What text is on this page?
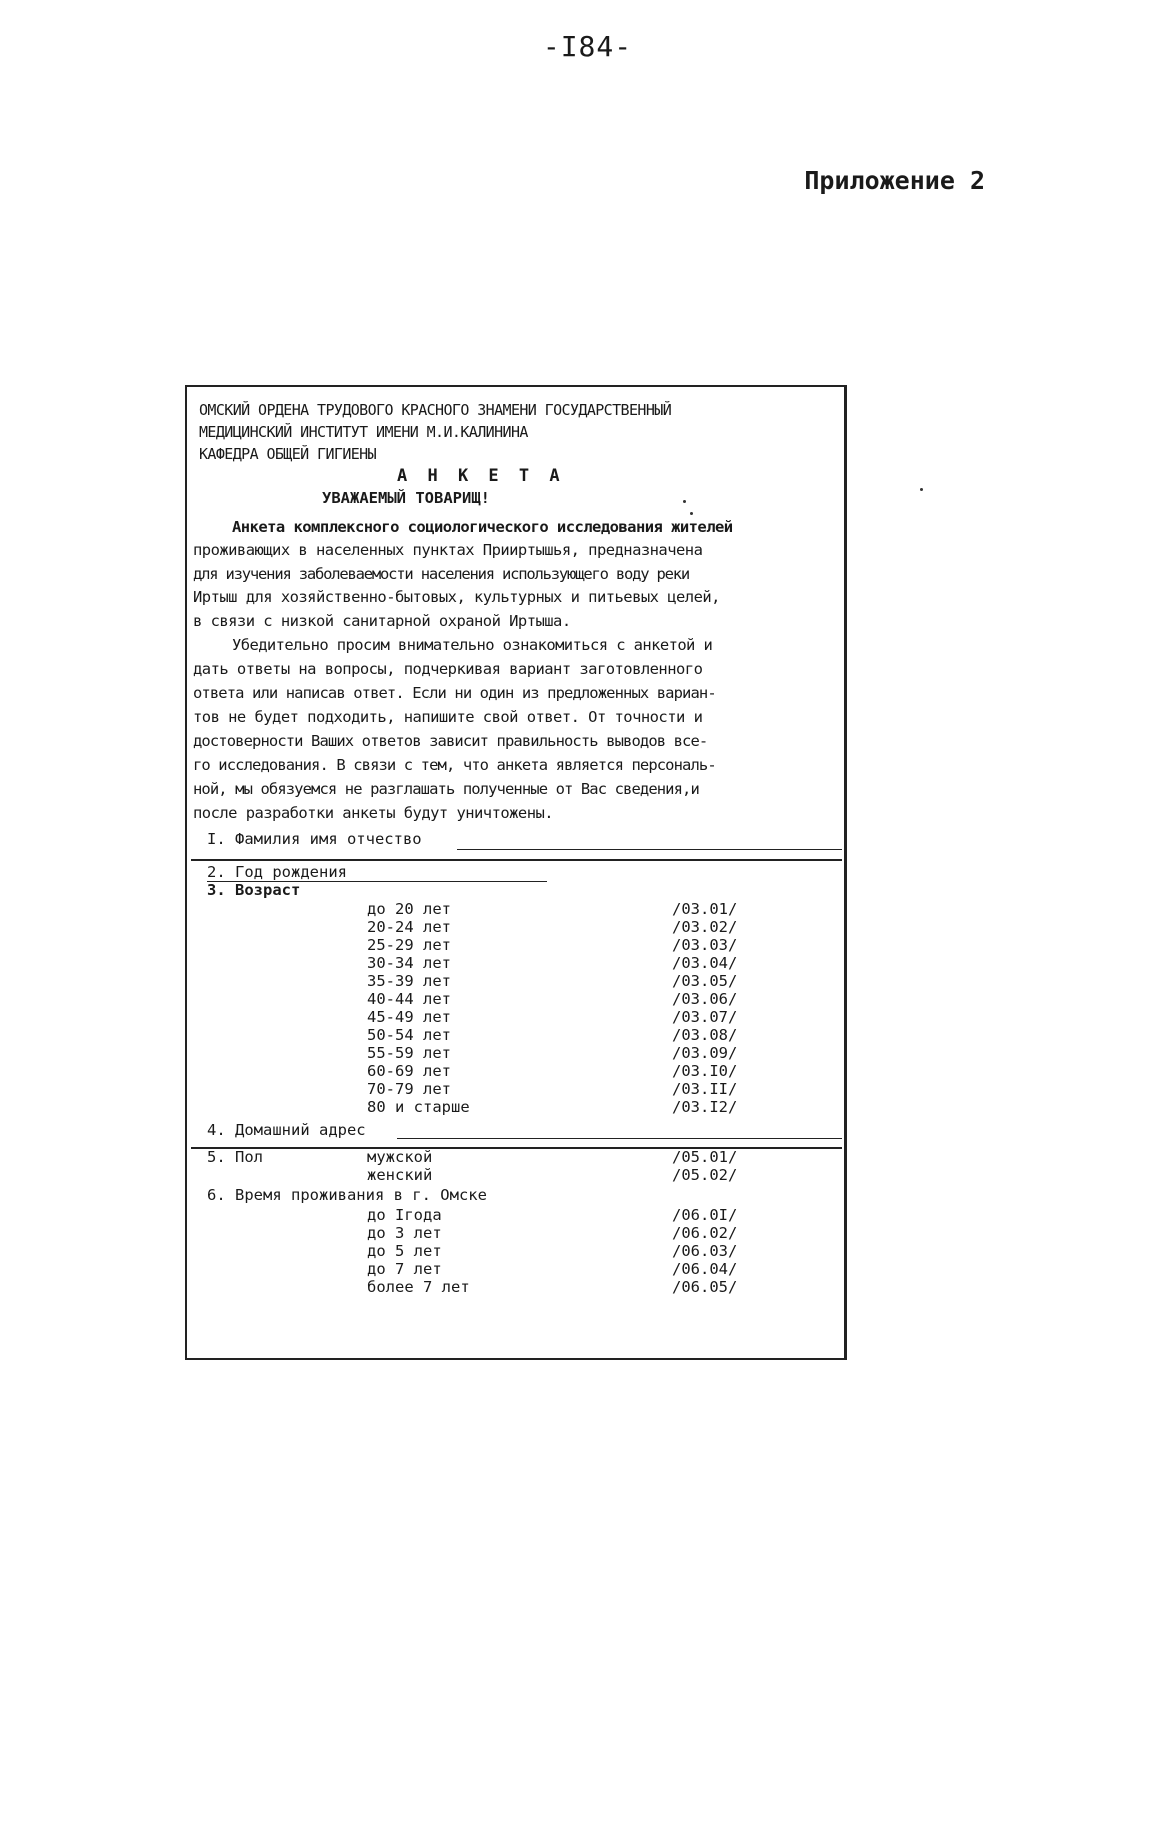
-I84-
Приложение 2
ОМСКИЙ ОРДЕНА ТРУДОВОГО КРАСНОГО ЗНАМЕНИ ГОСУДАРСТВЕННЫЙ
МЕДИЦИНСКИЙ ИНСТИТУТ ИМЕНИ М.И.КАЛИНИНА
КАФЕДРА ОБЩЕЙ ГИГИЕНЫ
А Н К Е Т А
УВАЖАЕМЫЙ ТОВАРИЩ!
Анкета комплексного социологического исследования жителей
проживающих в населенных пунктах Прииртышья, предназначена
для изучения заболеваемости населения использующего воду реки
Иртыш для хозяйственно-бытовых, культурных и питьевых целей,
в связи с низкой санитарной охраной Иртыша.
Убедительно просим внимательно ознакомиться с анкетой и
дать ответы на вопросы, подчеркивая вариант заготовленного
ответа или написав ответ. Если ни один из предложенных вариан-
тов не будет подходить, напишите свой ответ. От точности и
достоверности Ваших ответов зависит правильность выводов все-
го исследования. В связи с тем, что анкета является персональ-
ной, мы обязуемся не разглашать полученные от Вас сведения,и
после разработки анкеты будут уничтожены.
I. Фамилия имя отчество
2. Год рождения
3. Возраст
до 20 лет	/03.01/
20-24 лет	/03.02/
25-29 лет	/03.03/
30-34 лет	/03.04/
35-39 лет	/03.05/
40-44 лет	/03.06/
45-49 лет	/03.07/
50-54 лет	/03.08/
55-59 лет	/03.09/
60-69 лет	/03.I0/
70-79 лет	/03.II/
80 и старше	/03.I2/
4. Домашний адрес
5. Пол	мужской	/05.01/
женский	/05.02/
6. Время проживания в г. Омске
до Iгода	/06.0I/
до 3 лет	/06.02/
до 5 лет	/06.03/
до 7 лет	/06.04/
более 7 лет	/06.05/
